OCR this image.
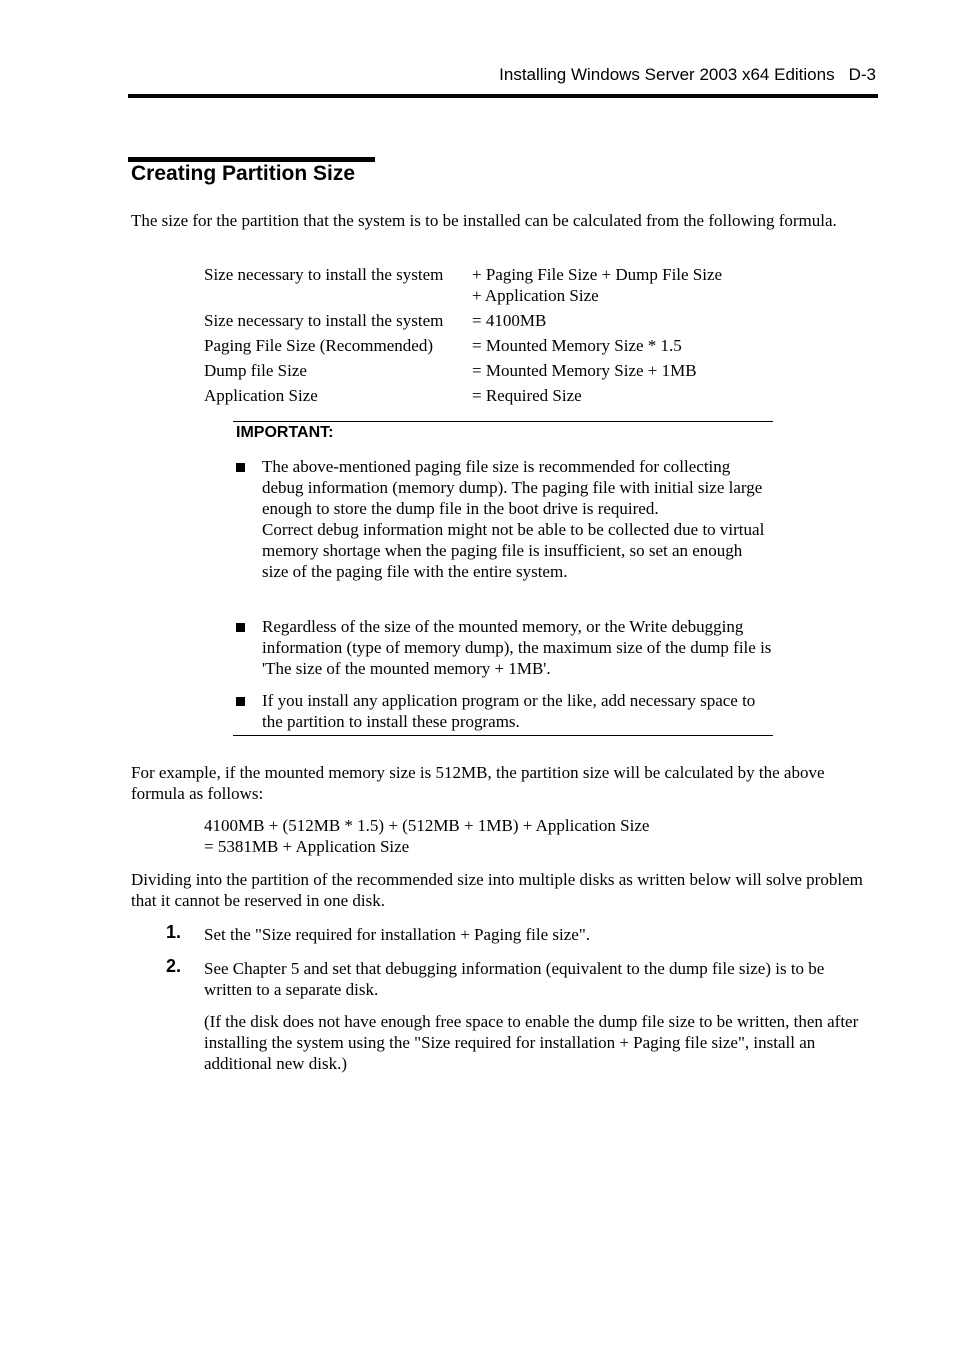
Installing Windows Server 2003 x64 Editions D-3
Creating Partition Size
The size for the partition that the system is to be installed can be calculated from the following formula.
Size necessary to install the system + Paging File Size + Dump File Size
+ Application Size
Size necessary to install the system = 4100MB
Paging File Size (Recommended) = Mounted Memory Size * 1.5
Dump file Size	= Mounted Memory Size + 1MB
Application Size	= Required Size
IMPORTANT:
The above-mentioned paging file size is recommended for collecting debug information (memory dump). The paging file with initial size large enough to store the dump file in the boot drive is required.
Correct debug information might not be able to be collected due to virtual memory shortage when the paging file is insufficient, so set an enough size of the paging file with the entire system.
Regardless of the size of the mounted memory, or the Write debugging information (type of memory dump), the maximum size of the dump file is 'The size of the mounted memory + 1MB'.
If you install any application program or the like, add necessary space to the partition to install these programs.
For example, if the mounted memory size is 512MB, the partition size will be calculated by the above formula as follows:
4100MB + (512MB * 1.5) + (512MB + 1MB) + Application Size
= 5381MB + Application Size
Dividing into the partition of the recommended size into multiple disks as written below will solve problem that it cannot be reserved in one disk.
1. Set the "Size required for installation + Paging file size".
2. See Chapter 5 and set that debugging information (equivalent to the dump file size) is to be written to a separate disk.
(If the disk does not have enough free space to enable the dump file size to be written, then after installing the system using the "Size required for installation + Paging file size", install an additional new disk.)
